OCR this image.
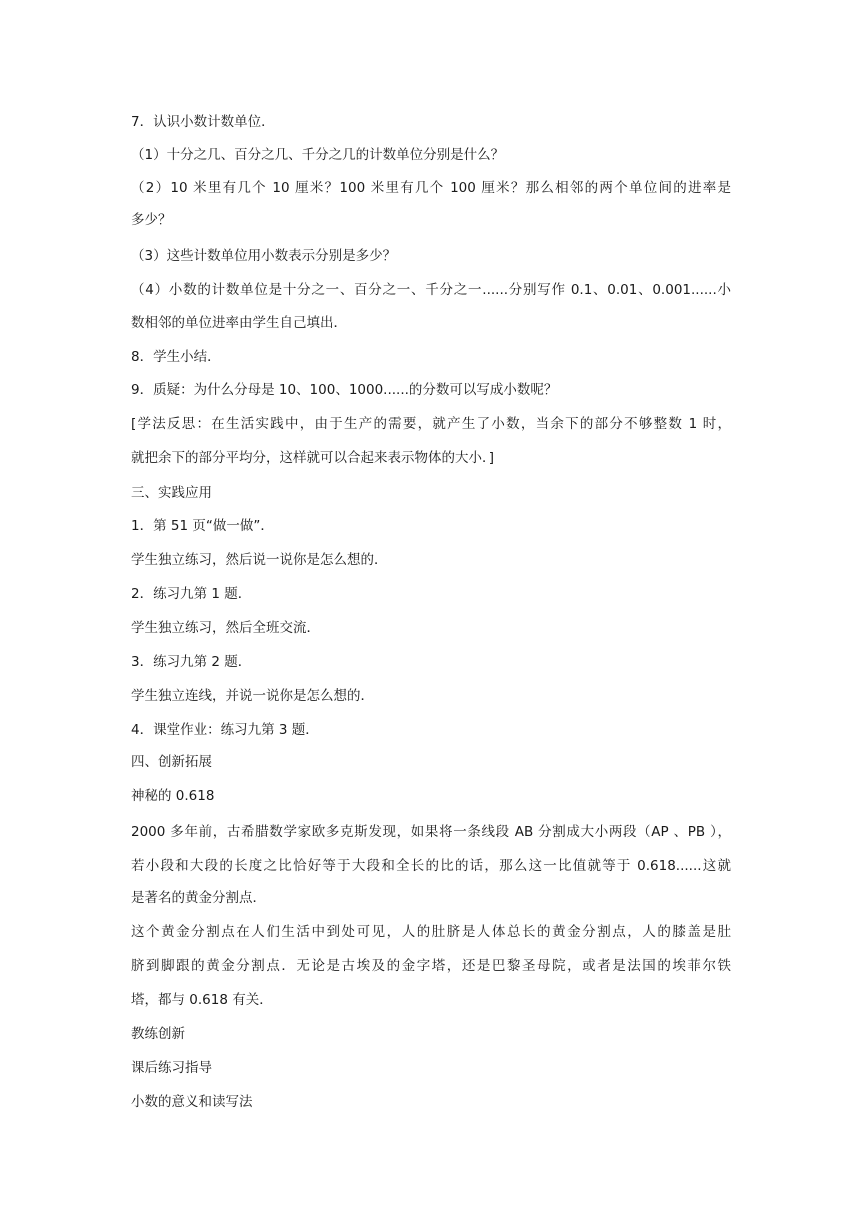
7．认识小数计数单位．

（1）十分之几、百分之几、千分之几的计数单位分别是什么？

（2）10 米里有几个 10 厘米？100 米里有几个 100 厘米？那么相邻的两个单位间的进率是

多少？

（3）这些计数单位用小数表示分别是多少？

（4）小数的计数单位是十分之一、百分之一、千分之一......分别写作 0.1、0.01、0.001......小

数相邻的单位进率由学生自己填出．

8．学生小结．

9．质疑：为什么分母是 10、100、1000......的分数可以写成小数呢？

[学法反思：在生活实践中，由于生产的需要，就产生了小数，当余下的部分不够整数 1 时，

就把余下的部分平均分，这样就可以合起来表示物体的大小．]

三、实践应用

1．第 51 页“做一做”．

学生独立练习，然后说一说你是怎么想的．

2．练习九第 1 题．

学生独立练习，然后全班交流．

3．练习九第 2 题．

学生独立连线，并说一说你是怎么想的．

4．课堂作业：练习九第 3 题．

四、创新拓展

神秘的 0.618

2000 多年前，古希腊数学家欧多克斯发现，如果将一条线段 AB 分割成大小两段（AP 、PB ），

若小段和大段的长度之比恰好等于大段和全长的比的话，那么这一比值就等于 0.618......这就

是著名的黄金分割点．

这个黄金分割点在人们生活中到处可见，人的肚脐是人体总长的黄金分割点，人的膝盖是肚

脐到脚跟的黄金分割点．无论是古埃及的金字塔，还是巴黎圣母院，或者是法国的埃菲尔铁

塔，都与 0.618 有关．

教练创新

课后练习指导

小数的意义和读写法
